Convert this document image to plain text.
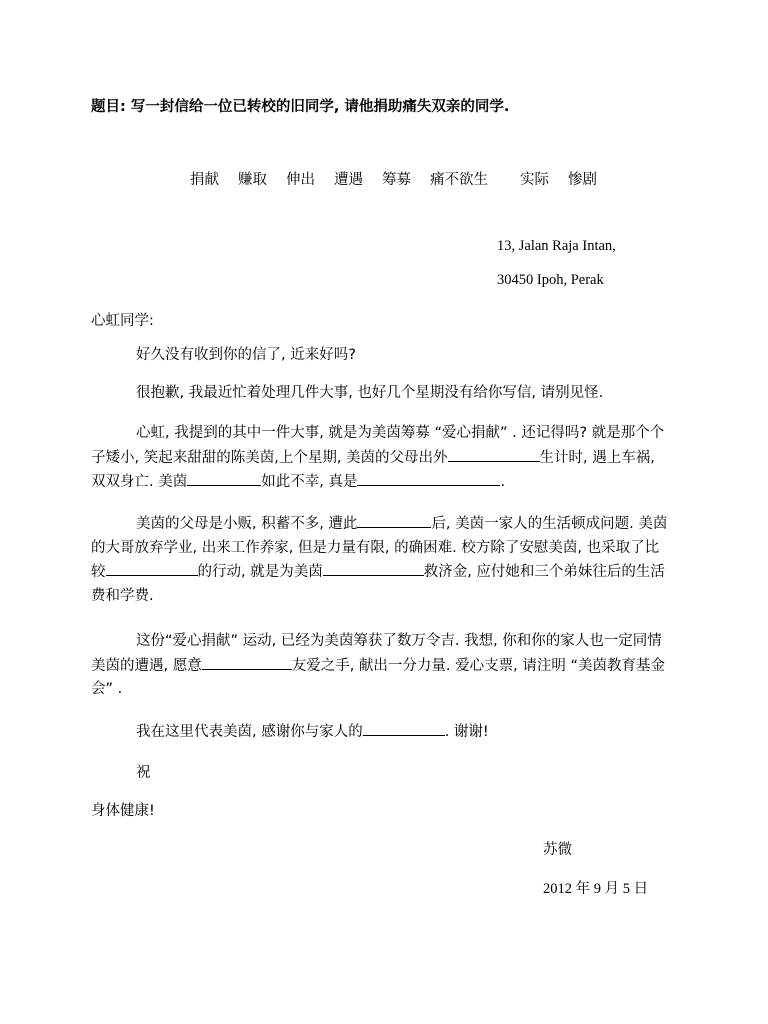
题目: 写一封信给一位已转校的旧同学, 请他捐助痛失双亲的同学.
捐献 赚取 伸出 遭遇 筹募 痛不欲生 实际 惨剧
13, Jalan Raja Intan,
30450 Ipoh, Perak
心虹同学:
好久没有收到你的信了, 近来好吗?
很抱歉, 我最近忙着处理几件大事, 也好几个星期没有给你写信, 请别见怪.
心虹, 我提到的其中一件大事, 就是为美茵筹募 “爱心捐献” . 还记得吗? 就是那个个子矮小, 笑起来甜甜的陈美茵,上个星期, 美茵的父母出外	生计时, 遇上车祸, 双双身亡. 美茵	如此不幸, 真是	.
美茵的父母是小贩, 积蓄不多, 遭此	后, 美茵一家人的生活顿成问题. 美茵的大哥放弃学业, 出来工作养家, 但是力量有限, 的确困难. 校方除了安慰美茵, 也采取了比较	的行动, 就是为美茵	救济金, 应付她和三个弟妹往后的生活费和学费.
这份“爱心捐献” 运动, 已经为美茵筹获了数万令吉. 我想, 你和你的家人也一定同情美茵的遭遇, 愿意	友爱之手, 献出一分力量. 爱心支票, 请注明 “美茵教育基金会” .
我在这里代表美茵, 感谢你与家人的	. 谢谢!
祝
身体健康!
苏微
2012 年 9 月 5 日
